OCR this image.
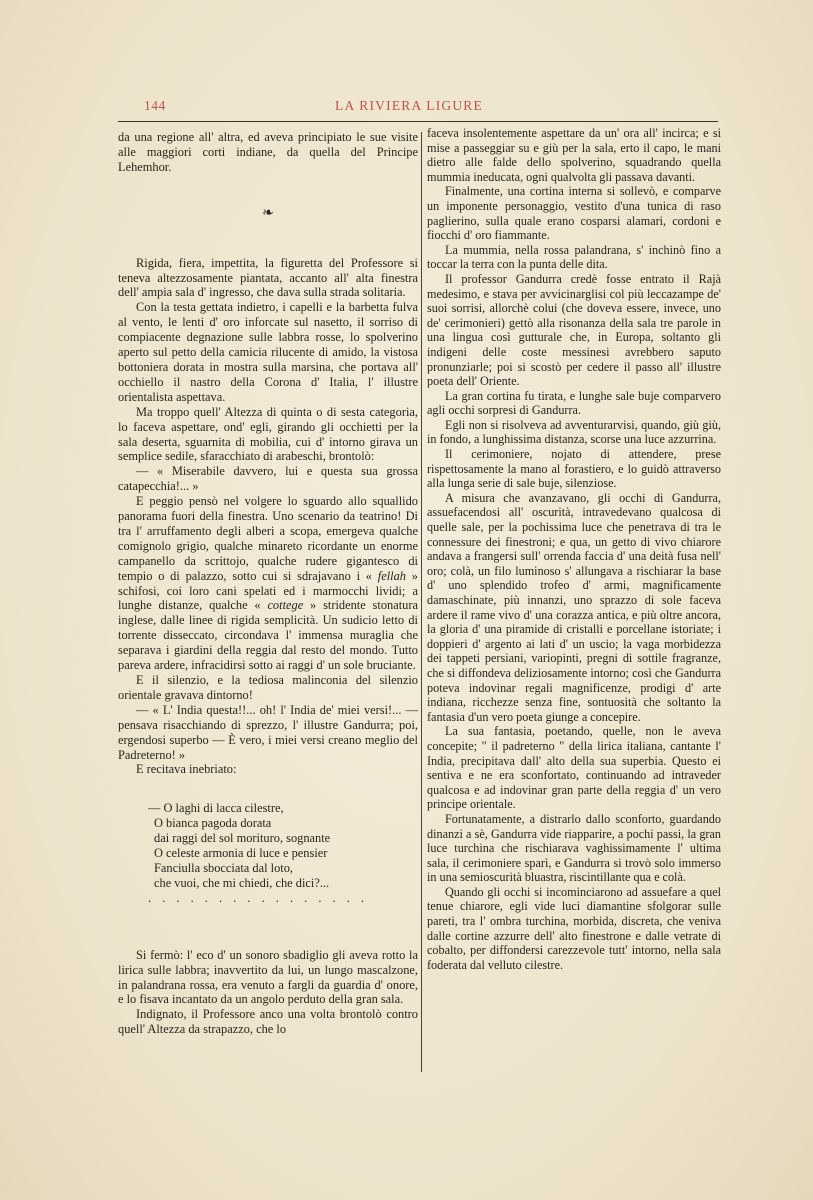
144	LA RIVIERA LIGURE

da una regione all' altra, ed aveva principiato le sue visite alle maggiori corti indiane, da quella del Principe Lehemhor.

❧

Rigida, fiera, impettita, la figuretta del Professore si teneva altezzosamente piantata, accanto all' alta finestra dell' ampia sala d' ingresso, che dava sulla strada solitaria.

Con la testa gettata indietro, i capelli e la barbetta fulva al vento, le lenti d' oro inforcate sul nasetto, il sorriso di compiacente degnazione sulle labbra rosse, lo spolverino aperto sul petto della camicia rilucente di amido, la vistosa bottoniera dorata in mostra sulla marsina, che portava all' occhiello il nastro della Corona d' Italia, l' illustre orientalista aspettava.

Ma troppo quell' Altezza di quinta o di sesta categoria, lo faceva aspettare, ond' egli, girando gli occhietti per la sala deserta, sguarnita di mobilia, cui d' intorno girava un semplice sedile, sfaracchiato di arabeschi, brontolò:

— « Miserabile davvero, lui e questa sua grossa catapecchia!... »

E peggio pensò nel volgere lo sguardo allo squallido panorama fuori della finestra. Uno scenario da teatrino! Di tra l' arruffamento degli alberi a scopa, emergeva qualche comignolo grigio, qualche minareto ricordante un enorme campanello da scrittojo, qualche rudere gigantesco di tempio o di palazzo, sotto cui si sdrajavano i « fellah » schifosi, coi loro cani spelati ed i marmocchi lividi; a lunghe distanze, qualche « cottege » stridente stonatura inglese, dalle linee di rigida semplicità. Un sudicio letto di torrente disseccato, circondava l' immensa muraglia che separava i giardini della reggia dal resto del mondo. Tutto pareva ardere, infracidirsi sotto ai raggi d' un sole bruciante.

E il silenzio, e la tediosa malinconia del silenzio orientale gravava dintorno!

— « L' India questa!!... oh! l' India de' miei versi!... — pensava risacchiando di sprezzo, l' illustre Gandurra; poi, ergendosi superbo — È vero, i miei versi creano meglio del Padreterno! »

E recitava inebriato:

— O laghi di lacca cilestre,
O bianca pagoda dorata
dai raggi del sol morituro, sognante
O celeste armonia di luce e pensier
Fanciulla sbocciata dal loto,
che vuoi, che mi chiedi, che dici?...
. . . . . . . . . . . . . . . .

Si fermò: l' eco d' un sonoro sbadiglio gli aveva rotto la lirica sulle labbra; inavvertito da lui, un lungo mascalzone, in palandrana rossa, era venuto a fargli da guardia d' onore, e lo fisava incantato da un angolo perduto della gran sala.

Indignato, il Professore anco una volta brontolò contro quell' Altezza da strapazzo, che lo

faceva insolentemente aspettare da un' ora all' incirca; e si mise a passeggiar su e giù per la sala, erto il capo, le mani dietro alle falde dello spolverino, squadrando quella mummia ineducata, ogni qualvolta gli passava davanti.

Finalmente, una cortina interna si sollevò, e comparve un imponente personaggio, vestito d'una tunica di raso paglierino, sulla quale erano cosparsi alamari, cordoni e fiocchi d' oro fiammante.

La mummia, nella rossa palandrana, s' inchinò fino a toccar la terra con la punta delle dita.

Il professor Gandurra credè fosse entrato il Rajà medesimo, e stava per avvicinarglisi col più leccazampe de' suoi sorrisi, allorchè colui (che doveva essere, invece, uno de' cerimonieri) gettò alla risonanza della sala tre parole in una lingua così gutturale che, in Europa, soltanto gli indigeni delle coste messinesi avrebbero saputo pronunziarle; poi si scostò per cedere il passo all' illustre poeta dell' Oriente.

La gran cortina fu tirata, e lunghe sale buje comparvero agli occhi sorpresi di Gandurra.

Egli non si risolveva ad avventurarvisi, quando, giù giù, in fondo, a lunghissima distanza, scorse una luce azzurrina.

Il cerimoniere, nojato di attendere, prese rispettosamente la mano al forastiero, e lo guidò attraverso alla lunga serie di sale buje, silenziose.

A misura che avanzavano, gli occhi di Gandurra, assuefacendosi all' oscurità, intravedevano qualcosa di quelle sale, per la pochissima luce che penetrava di tra le connessure dei finestroni; e qua, un getto di vivo chiarore andava a frangersi sull' orrenda faccia d' una deità fusa nell' oro; colà, un filo luminoso s' allungava a rischiarar la base d' uno splendido trofeo d' armi, magnificamente damaschinate, più innanzi, uno sprazzo di sole faceva ardere il rame vivo d' una corazza antica, e più oltre ancora, la gloria d' una piramide di cristalli e porcellane istoriate; i doppieri d' argento ai lati d' un uscio; la vaga morbidezza dei tappeti persiani, variopinti, pregni di sottile fragranze, che si diffondeva deliziosamente intorno; così che Gandurra poteva indovinar regali magnificenze, prodigi d' arte indiana, ricchezze senza fine, sontuosità che soltanto la fantasia d'un vero poeta giunge a concepire.

La sua fantasia, poetando, quelle, non le aveva concepite; " il padreterno " della lirica italiana, cantante l' India, precipitava dall' alto della sua superbia. Questo ei sentiva e ne era sconfortato, continuando ad intraveder qualcosa e ad indovinar gran parte della reggia d' un vero principe orientale.

Fortunatamente, a distrarlo dallo sconforto, guardando dinanzi a sè, Gandurra vide riapparire, a pochi passi, la gran luce turchina che rischiarava vaghissimamente l' ultima sala, il cerimoniere sparì, e Gandurra si trovò solo immerso in una semioscurità bluastra, riscintillante qua e colà.

Quando gli occhi si incominciarono ad assuefare a quel tenue chiarore, egli vide luci diamantine sfolgorar sulle pareti, tra l' ombra turchina, morbida, discreta, che veniva dalle cortine azzurre dell' alto finestrone e dalle vetrate di cobalto, per diffondersi carezzevole tutt' intorno, nella sala foderata dal velluto cilestre.
